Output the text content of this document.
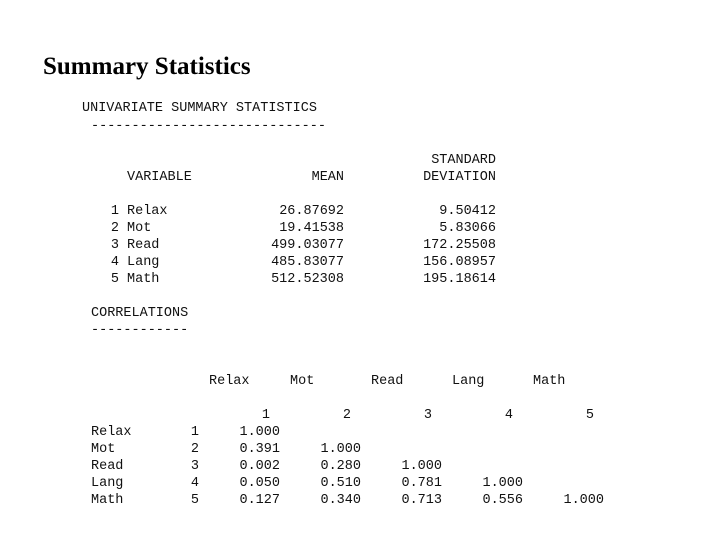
Summary Statistics
UNIVARIATE SUMMARY STATISTICS
-----------------------------
STANDARD
VARIABLE	MEAN	DEVIATION
1 Relax	26.87692	9.50412
2 Mot	19.41538	5.83066
3 Read	499.03077	172.25508
4 Lang	485.83077	156.08957
5 Math	512.52308	195.18614
CORRELATIONS
------------
Relax	Mot	Read	Lang	Math
1	2	3	4	5
Relax	1	1.000
Mot	2	0.391	1.000
Read	3	0.002	0.280	1.000
Lang	4	0.050	0.510	0.781	1.000
Math	5	0.127	0.340	0.713	0.556	1.000
